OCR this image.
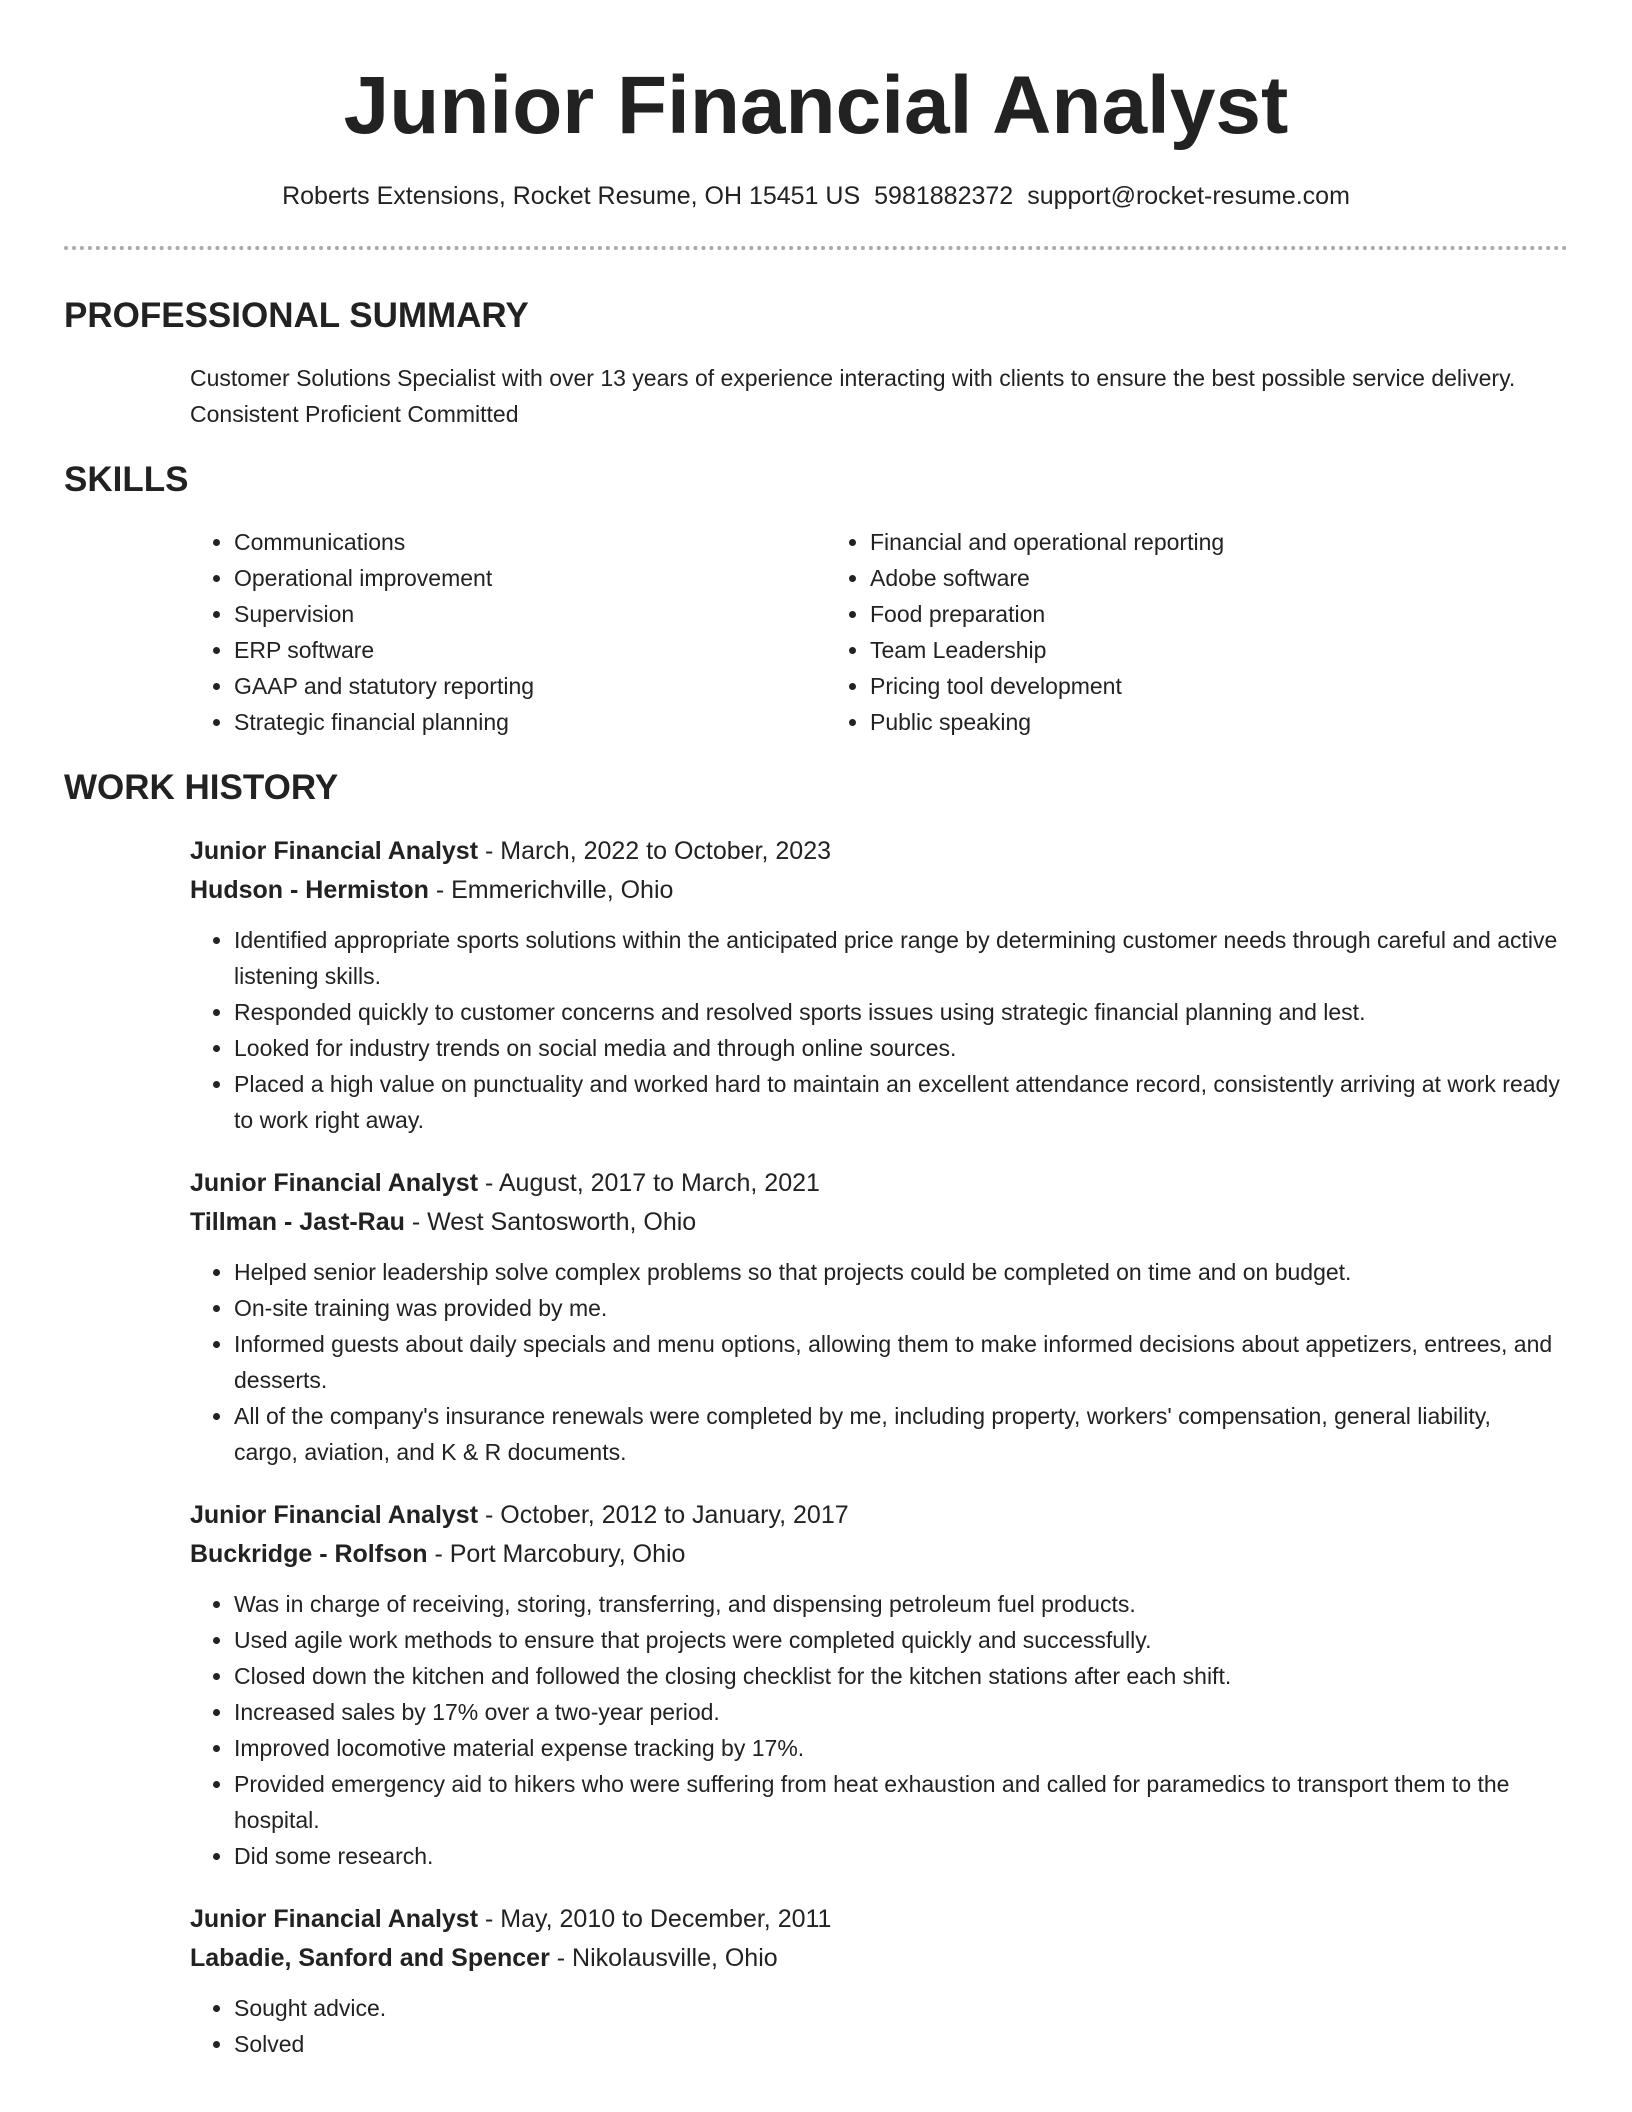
Junior Financial Analyst
Roberts Extensions, Rocket Resume, OH 15451 US 5981882372 support@rocket-resume.com
PROFESSIONAL SUMMARY

Customer Solutions Specialist with over 13 years of experience interacting with clients to ensure the best possible service delivery. Consistent Proficient Committed

SKILLS
• Communications
• Operational improvement
• Supervision
• ERP software
• GAAP and statutory reporting
• Strategic financial planning
• Financial and operational reporting
• Adobe software
• Food preparation
• Team Leadership
• Pricing tool development
• Public speaking
WORK HISTORY
Junior Financial Analyst - March, 2022 to October, 2023
Hudson - Hermiston - Emmerichville, Ohio
• Identified appropriate sports solutions within the anticipated price range by determining customer needs through careful and active listening skills.
• Responded quickly to customer concerns and resolved sports issues using strategic financial planning and lest.
• Looked for industry trends on social media and through online sources.
• Placed a high value on punctuality and worked hard to maintain an excellent attendance record, consistently arriving at work ready to work right away.
Junior Financial Analyst - August, 2017 to March, 2021
Tillman - Jast-Rau - West Santosworth, Ohio
• Helped senior leadership solve complex problems so that projects could be completed on time and on budget.
• On-site training was provided by me.
• Informed guests about daily specials and menu options, allowing them to make informed decisions about appetizers, entrees, and desserts.
• All of the company's insurance renewals were completed by me, including property, workers' compensation, general liability, cargo, aviation, and K & R documents.
Junior Financial Analyst - October, 2012 to January, 2017
Buckridge - Rolfson - Port Marcobury, Ohio
• Was in charge of receiving, storing, transferring, and dispensing petroleum fuel products.
• Used agile work methods to ensure that projects were completed quickly and successfully.
• Closed down the kitchen and followed the closing checklist for the kitchen stations after each shift.
• Increased sales by 17% over a two-year period.
• Improved locomotive material expense tracking by 17%.
• Provided emergency aid to hikers who were suffering from heat exhaustion and called for paramedics to transport them to the hospital.
• Did some research.
Junior Financial Analyst - May, 2010 to December, 2011
Labadie, Sanford and Spencer - Nikolausville, Ohio
• Sought advice.
• Solved
